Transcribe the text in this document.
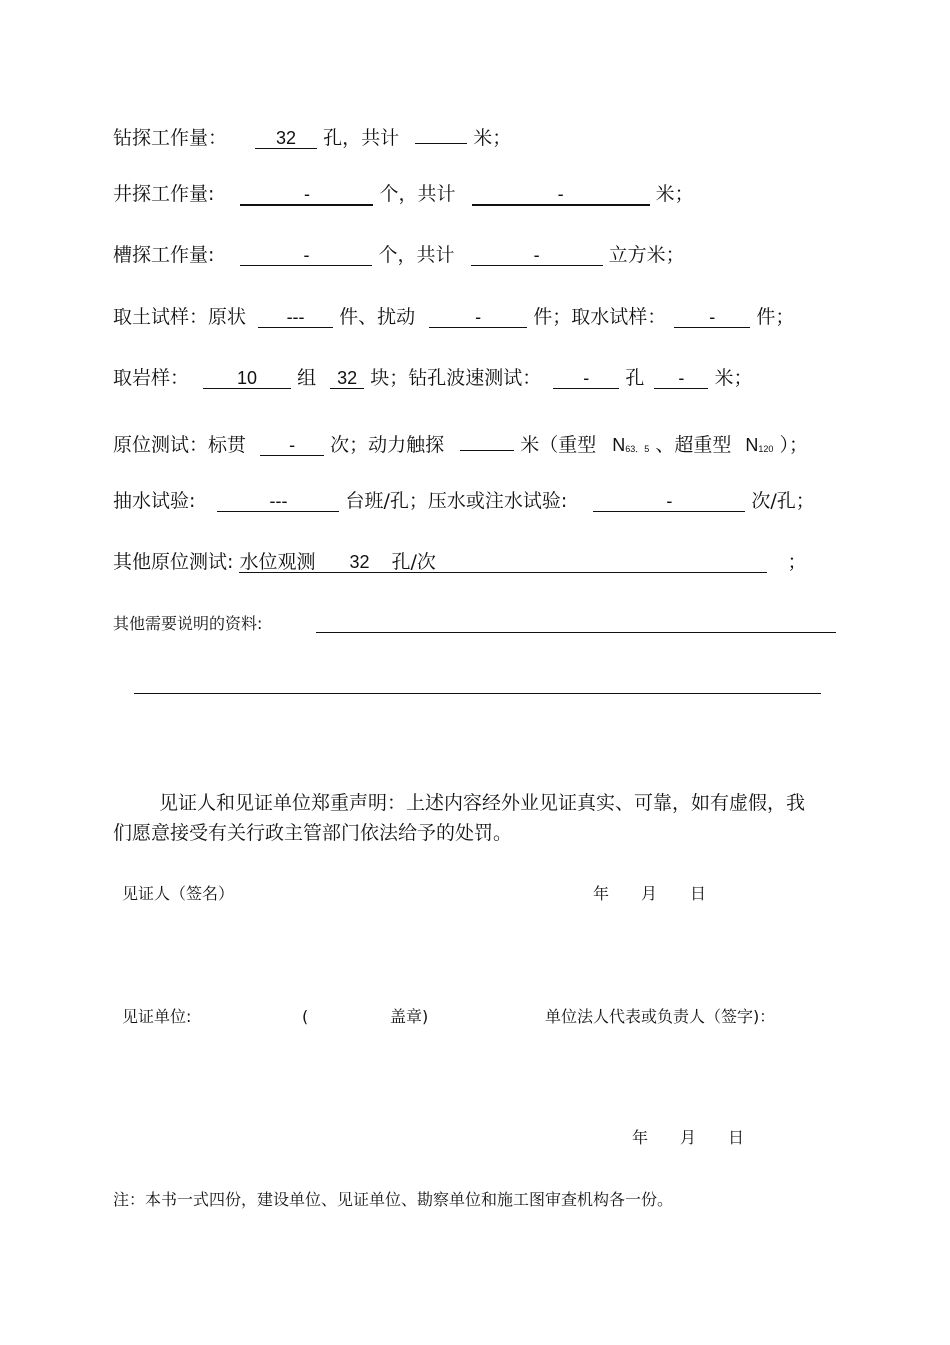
钻探工作量：	32 孔，共计	米；
井探工作量:	-	个，共计	-	米；
槽探工作量:	-	个，共计	-	立方米；
取土试样：原状 --- 件、扰动	-	件；取水试样： - 件；
取岩样：	10 组 32 块；钻孔波速测试： - 孔 - 米；
原位测试：标贯 - 次；动力触探	米（重型 N63．5 、超重型 N120 ）；
抽水试验:	---	台班/孔；压水或注水试验:	-	次/孔；
其他原位测试: 水位观测 32 孔/次	；
其他需要说明的资料:
见证人和见证单位郑重声明：上述内容经外业见证真实、可靠，如有虚假，我们愿意接受有关行政主管部门依法给予的处罚。
见证人（签名）	年 月 日
见证单位:	(	盖章)	单位法人代表或负责人（签字)：
年 月 日
注：本书一式四份，建设单位、见证单位、勘察单位和施工图审查机构各一份。
